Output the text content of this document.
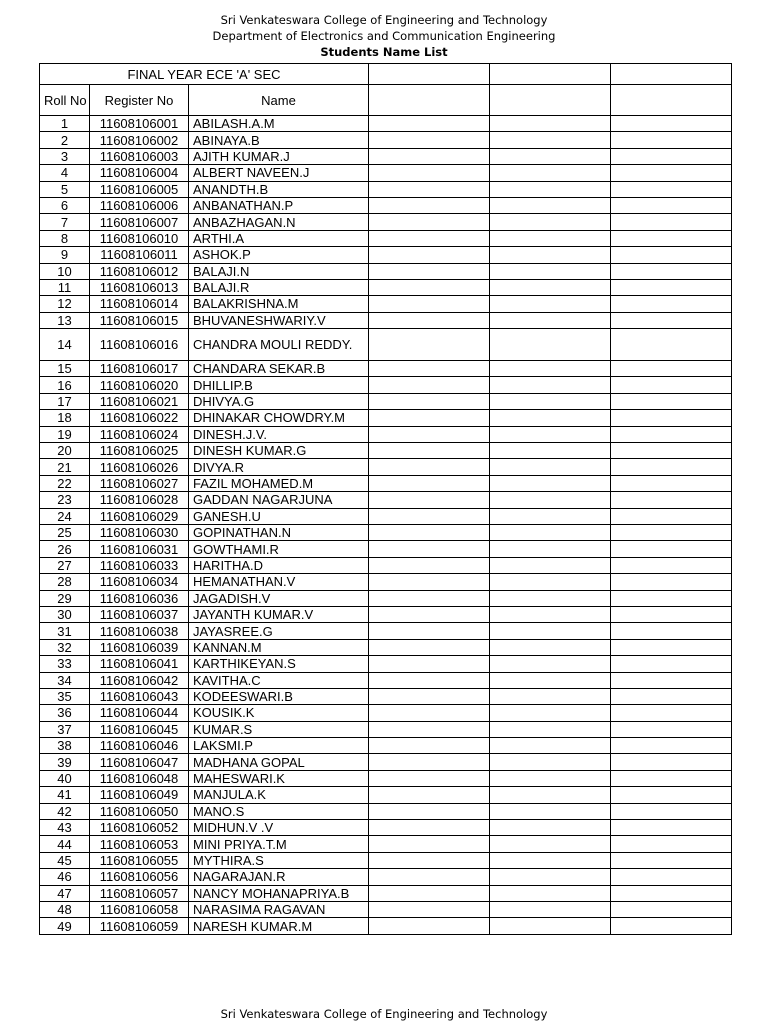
Sri Venkateswara College of Engineering and Technology
Department of Electronics and Communication Engineering
Students Name List
FINAL YEAR ECE 'A' SEC					
Roll No	Register No	Name			
1	11608106001	ABILASH.A.M			
2	11608106002	ABINAYA.B			
3	11608106003	AJITH KUMAR.J			
4	11608106004	ALBERT NAVEEN.J			
5	11608106005	ANANDTH.B			
6	11608106006	ANBANATHAN.P			
7	11608106007	ANBAZHAGAN.N			
8	11608106010	ARTHI.A			
9	11608106011	ASHOK.P			
10	11608106012	BALAJI.N			
11	11608106013	BALAJI.R			
12	11608106014	BALAKRISHNA.M			
13	11608106015	BHUVANESHWARIY.V			
14	11608106016	CHANDRA MOULI REDDY.			
15	11608106017	CHANDARA SEKAR.B			
16	11608106020	DHILLIP.B			
17	11608106021	DHIVYA.G			
18	11608106022	DHINAKAR CHOWDRY.M			
19	11608106024	DINESH.J.V.			
20	11608106025	DINESH KUMAR.G			
21	11608106026	DIVYA.R			
22	11608106027	FAZIL MOHAMED.M			
23	11608106028	GADDAN NAGARJUNA			
24	11608106029	GANESH.U			
25	11608106030	GOPINATHAN.N			
26	11608106031	GOWTHAMI.R			
27	11608106033	HARITHA.D			
28	11608106034	HEMANATHAN.V			
29	11608106036	JAGADISH.V			
30	11608106037	JAYANTH KUMAR.V			
31	11608106038	JAYASREE.G			
32	11608106039	KANNAN.M			
33	11608106041	KARTHIKEYAN.S			
34	11608106042	KAVITHA.C			
35	11608106043	KODEESWARI.B			
36	11608106044	KOUSIK.K			
37	11608106045	KUMAR.S			
38	11608106046	LAKSMI.P			
39	11608106047	MADHANA GOPAL			
40	11608106048	MAHESWARI.K			
41	11608106049	MANJULA.K			
42	11608106050	MANO.S			
43	11608106052	MIDHUN.V .V			
44	11608106053	MINI PRIYA.T.M			
45	11608106055	MYTHIRA.S			
46	11608106056	NAGARAJAN.R			
47	11608106057	NANCY MOHANAPRIYA.B			
48	11608106058	NARASIMA RAGAVAN			
49	11608106059	NARESH KUMAR.M			
Sri Venkateswara College of Engineering and Technology
